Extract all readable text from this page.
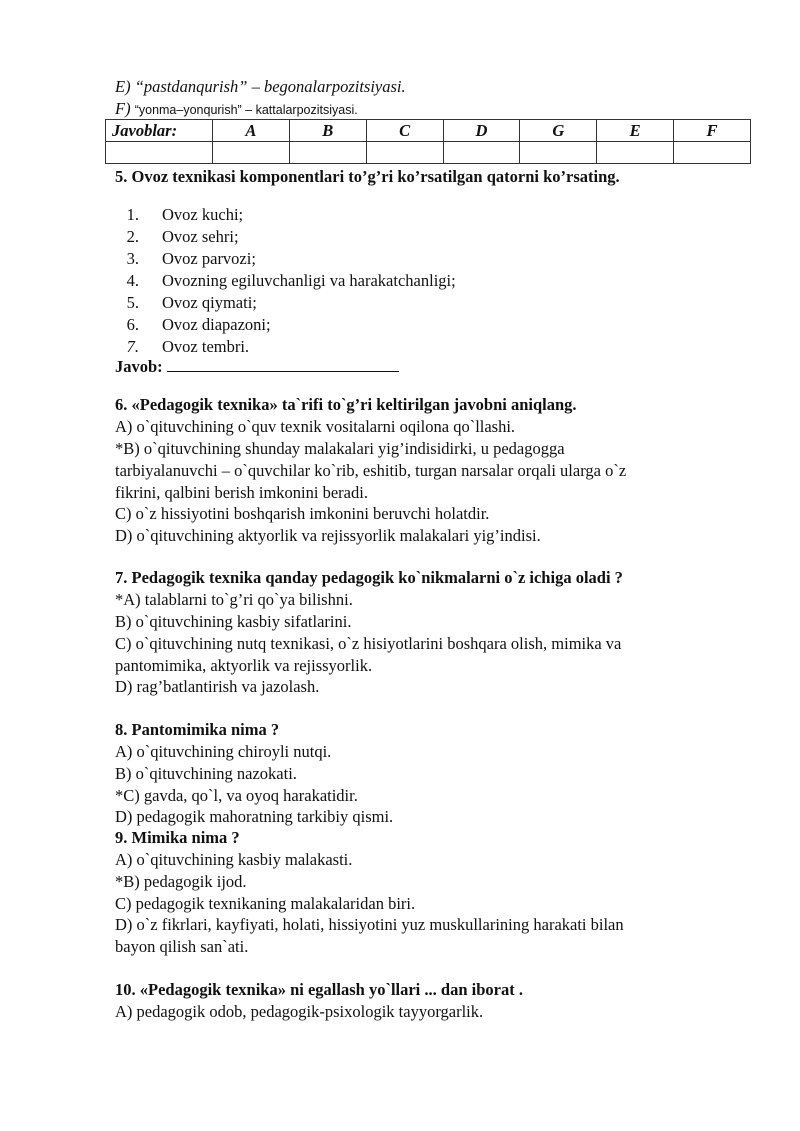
E) “pastdanqurish” – begonalarpozitsiyasi.
F) “yonma–yonqurish” – kattalarpozitsiyasi.
Javoblar:	A	B	C	D	G	E	F

5. Ovoz texnikasi komponentlari to’g’ri ko’rsatilgan qatorni ko’rsating.
1. Ovoz kuchi;
2. Ovoz sehri;
3. Ovoz parvozi;
4. Ovozning egiluvchanligi va harakatchanligi;
5. Ovoz qiymati;
6. Ovoz diapazoni;
7. Ovoz tembri.
Javob:
6. «Pedagogik texnika» ta`rifi to`g’ri keltirilgan javobni aniqlang.
A) o`qituvchining o`quv texnik vositalarni oqilona qo`llashi.
*B) o`qituvchining shunday malakalari yig’indisidirki, u pedagogga
tarbiyalanuvchi – o`quvchilar ko`rib, eshitib, turgan narsalar orqali ularga o`z
fikrini, qalbini berish imkonini beradi.
C) o`z hissiyotini boshqarish imkonini beruvchi holatdir.
D) o`qituvchining aktyorlik va rejissyorlik malakalari yig’indisi.
7. Pedagogik texnika qanday pedagogik ko`nikmalarni o`z ichiga oladi ?
*A) talablarni to`g’ri qo`ya bilishni.
B) o`qituvchining kasbiy sifatlarini.
C) o`qituvchining nutq texnikasi, o`z hisiyotlarini boshqara olish, mimika va
pantomimika, aktyorlik va rejissyorlik.
D) rag’batlantirish va jazolash.
8. Pantomimika nima ?
A) o`qituvchining chiroyli nutqi.
B) o`qituvchining nazokati.
*C) gavda, qo`l, va oyoq harakatidir.
D) pedagogik mahoratning tarkibiy qismi.
9. Mimika nima ?
A) o`qituvchining kasbiy malakasti.
*B) pedagogik ijod.
C) pedagogik texnikaning malakalaridan biri.
D) o`z fikrlari, kayfiyati, holati, hissiyotini yuz muskullarining harakati bilan
bayon qilish san`ati.
10. «Pedagogik texnika» ni egallash yo`llari ... dan iborat .
A) pedagogik odob, pedagogik-psixologik tayyorgarlik.
